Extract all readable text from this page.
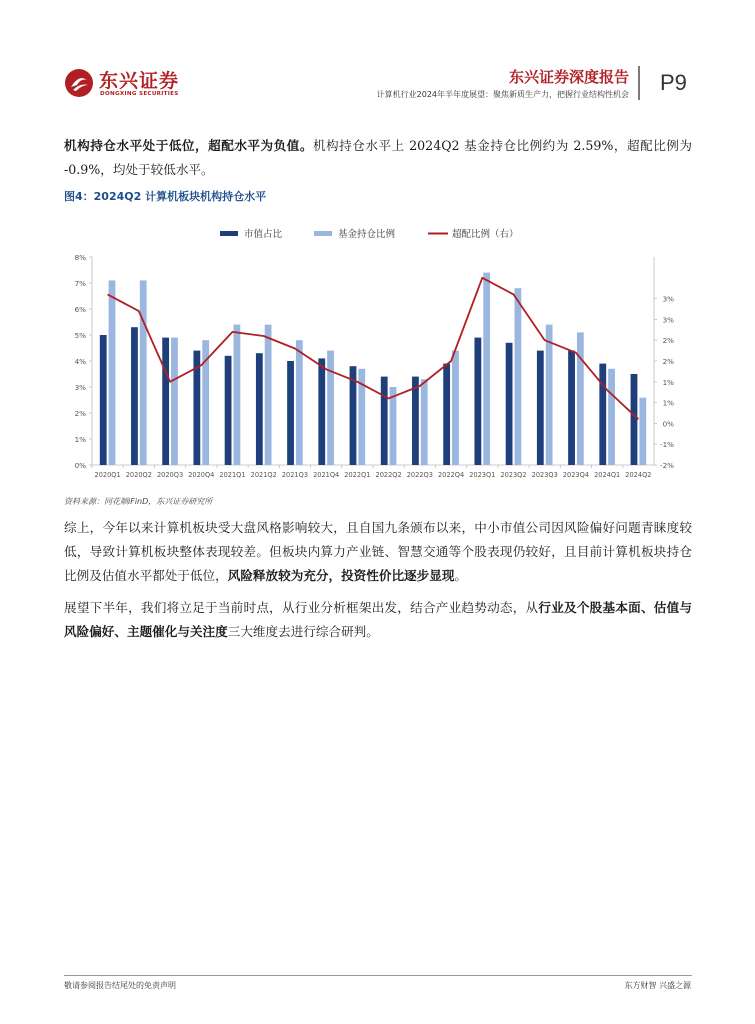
东兴证券
DONGXING SECURITIES
东兴证券深度报告
计算机行业2024年半年度展望：聚焦新质生产力，把握行业结构性机会 P9
机构持仓水平处于低位，超配水平为负值。机构持仓水平上 2024Q2 基金持仓比例约为 2.59%，超配比例为 -0.9%，均处于较低水平。
图4：2024Q2 计算机板块机构持仓水平
市值占比	基金持仓比例	超配比例（右）
0%
1%
2%
3%
4%
5%
6%
7%
8%
-2%
-1%
0%
1%
1%
2%
2%
3%
3%
2020Q1 2020Q2 2020Q3 2020Q4 2021Q1 2021Q2 2021Q3 2021Q4 2022Q1 2022Q2 2022Q3 2022Q4 2023Q1 2023Q2 2023Q3 2023Q4 2024Q1 2024Q2
资料来源：同花顺iFinD，东兴证券研究所
综上，今年以来计算机板块受大盘风格影响较大，且自国九条颁布以来，中小市值公司因风险偏好问题青睐度较低，导致计算机板块整体表现较差。但板块内算力产业链、智慧交通等个股表现仍较好，且目前计算机板块持仓比例及估值水平都处于低位，风险释放较为充分，投资性价比逐步显现。
展望下半年，我们将立足于当前时点，从行业分析框架出发，结合产业趋势动态，从行业及个股基本面、估值与风险偏好、主题催化与关注度三大维度去进行综合研判。
敬请参阅报告结尾处的免责声明	东方财智 兴盛之源
